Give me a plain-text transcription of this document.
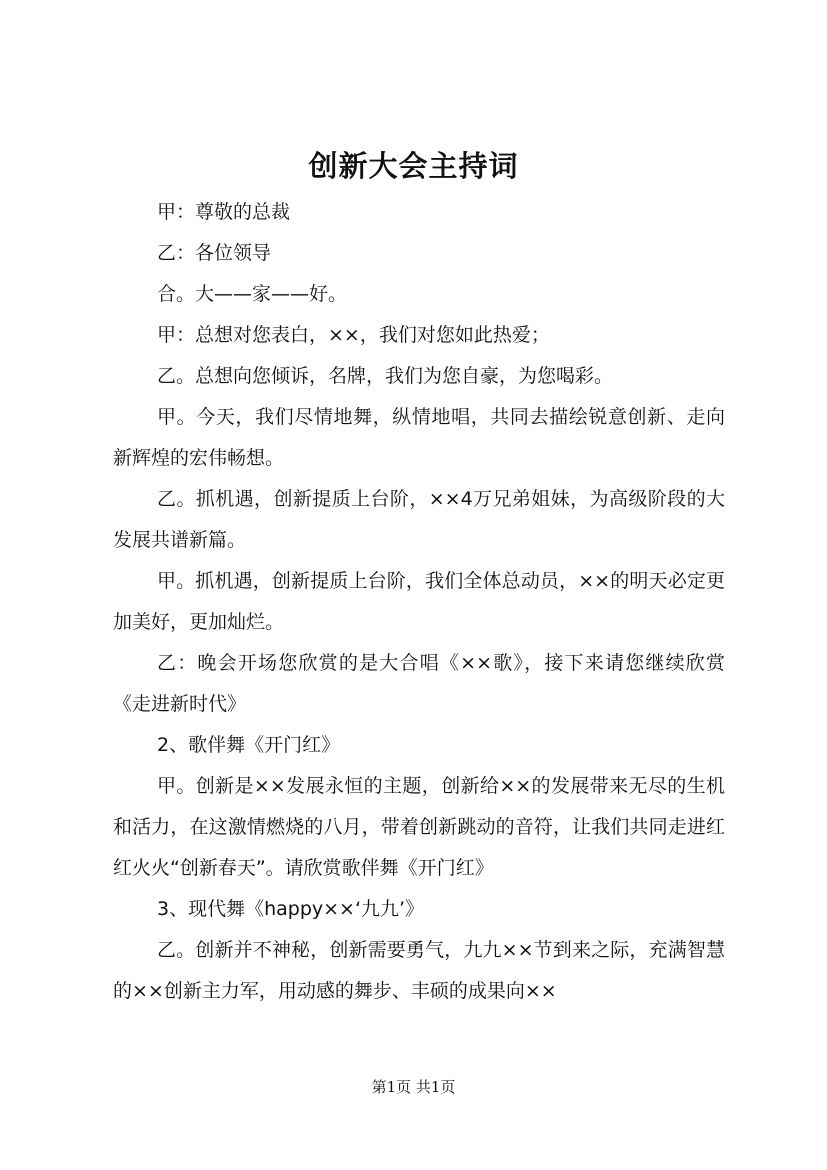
创新大会主持词

甲：尊敬的总裁

乙：各位领导

合。大——家——好。

甲：总想对您表白，××，我们对您如此热爱；

乙。总想向您倾诉，名牌，我们为您自豪，为您喝彩。

甲。今天，我们尽情地舞，纵情地唱，共同去描绘锐意创新、走向新辉煌的宏伟畅想。

乙。抓机遇，创新提质上台阶，××4万兄弟姐妹，为高级阶段的大发展共谱新篇。

甲。抓机遇，创新提质上台阶，我们全体总动员，××的明天必定更加美好，更加灿烂。

乙：晚会开场您欣赏的是大合唱《××歌》，接下来请您继续欣赏《走进新时代》

2、歌伴舞《开门红》

甲。创新是××发展永恒的主题，创新给××的发展带来无尽的生机和活力，在这激情燃烧的八月，带着创新跳动的音符，让我们共同走进红红火火“创新春天”。请欣赏歌伴舞《开门红》

3、现代舞《happy××‘九九’》

乙。创新并不神秘，创新需要勇气，九九××节到来之际，充满智慧的××创新主力军，用动感的舞步、丰硕的成果向××

第1页 共1页
